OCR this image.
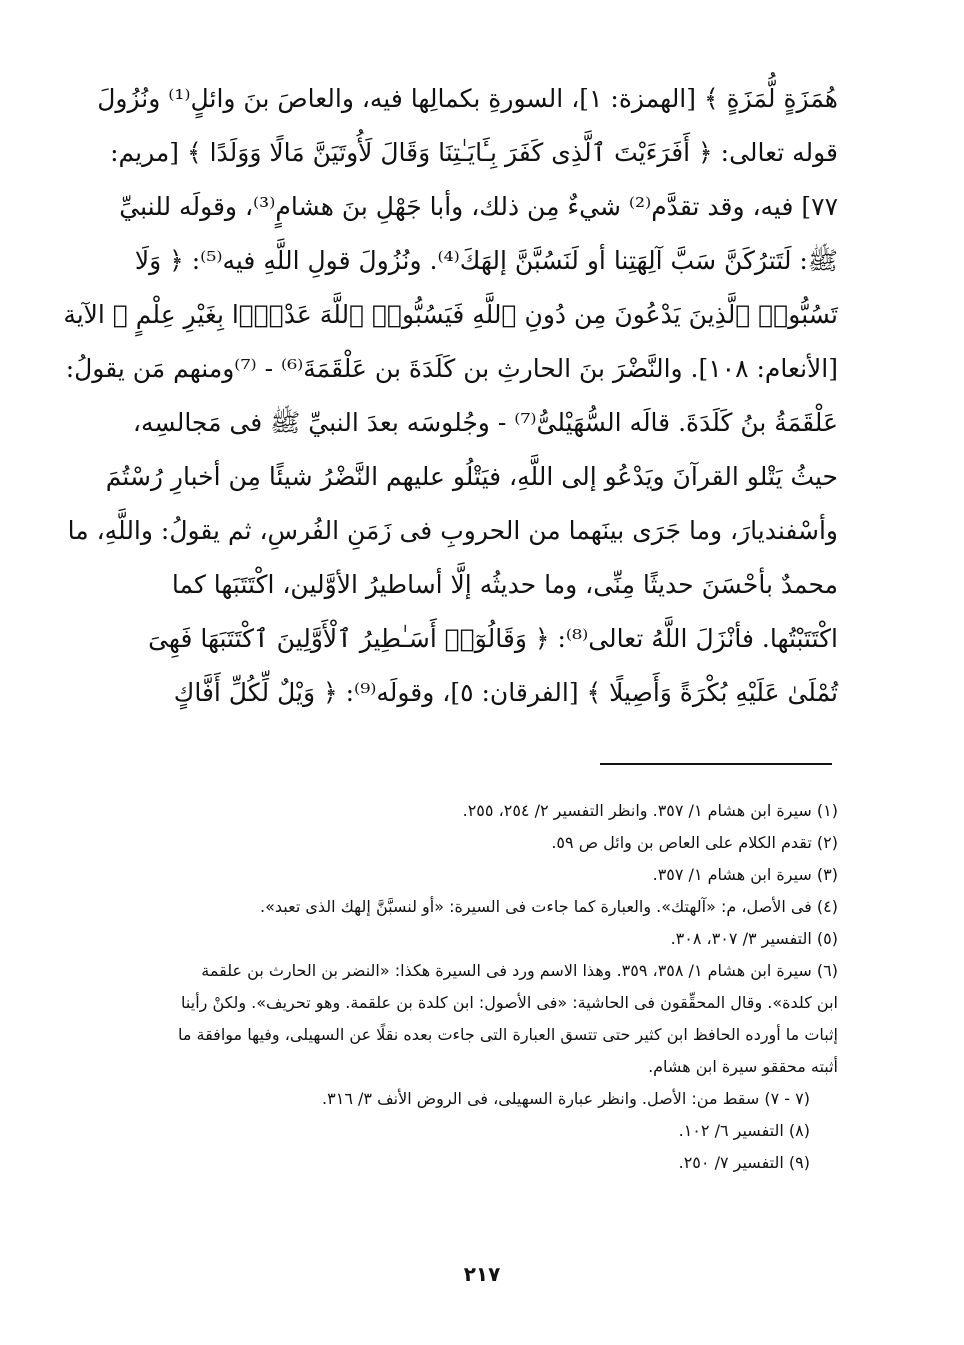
هُمَزَةٍ لُّمَزَةٍ ﴾ [الهمزة: ١]، السورةِ بكمالِها فيه، والعاصَ بنَ وائلٍ⁽¹⁾ ونُزُولَ
قوله تعالى: ﴿ أَفَرَءَيْتَ ٱلَّذِى كَفَرَ بِـَٔايَـٰتِنَا وَقَالَ لَأُوتَيَنَّ مَالًا وَوَلَدًا ﴾ [مريم:
٧٧] فيه، وقد تقدَّم⁽²⁾ شيءٌ مِن ذلك، وأبا جَهْلِ بنَ هشامٍ⁽³⁾، وقولَه للنبيِّ
ﷺ: لَتَترُكَنَّ سَبَّ آلِهَتِنا أو لَنَسُبَّنَّ إلهَكَ⁽⁴⁾. ونُزُولَ قولِ اللَّهِ فيه⁽⁵⁾: ﴿ وَلَا
تَسُبُّوا۟ ٱلَّذِينَ يَدْعُونَ مِن دُونِ ٱللَّهِ فَيَسُبُّوا۟ ٱللَّهَ عَدْوًۢا بِغَيْرِ عِلْمٍ ﴾ الآية
[الأنعام: ١٠٨]. والنَّضْرَ بنَ الحارثِ بن كَلَدَةَ بن عَلْقَمَةَ⁽⁶⁾ - ⁽⁷⁾ومنهم مَن يقولُ:
عَلْقَمَةُ بنُ كَلَدَةَ. قالَه السُّهَيْلىُّ⁽⁷⁾ - وجُلوسَه بعدَ النبيِّ ﷺ فى مَجالسِه،
حيثُ يَتْلو القرآنَ ويَدْعُو إلى اللَّهِ، فيَتْلُو عليهم النَّضْرُ شيئًا مِن أخبارِ رُسْتُمَ
وأسْفنديارَ، وما جَرَى بينَهما من الحروبِ فى زَمَنِ الفُرسِ، ثم يقولُ: واللَّهِ، ما
محمدٌ بأحْسَنَ حديثًا مِنِّى، وما حديثُه إلَّا أساطيرُ الأوَّلين، اكْتَتَبَها كما
اكْتَتَبْتُها. فأنْزَلَ اللَّهُ تعالى⁽⁸⁾: ﴿ وَقَالُوٓا۟ أَسَـٰطِيرُ ٱلْأَوَّلِينَ ٱكْتَتَبَهَا فَهِىَ
تُمْلَىٰ عَلَيْهِ بُكْرَةً وَأَصِيلًا ﴾ [الفرقان: ٥]، وقولَه⁽⁹⁾: ﴿ وَيْلٌ لِّكُلِّ أَفَّاكٍ
(١) سيرة ابن هشام ١/ ٣٥٧. وانظر التفسير ٢/ ٢٥٤، ٢٥٥.
(٢) تقدم الكلام على العاص بن وائل ص ٥٩.
(٣) سيرة ابن هشام ١/ ٣٥٧.
(٤) فى الأصل، م: «آلهتك». والعبارة كما جاءت فى السيرة: «أو لنسبَّنَّ إلهك الذى تعبد».
(٥) التفسير ٣/ ٣٠٧، ٣٠٨.
(٦) سيرة ابن هشام ١/ ٣٥٨، ٣٥٩. وهذا الاسم ورد فى السيرة هكذا: «النضر بن الحارث بن علقمة
ابن كلدة». وقال المحقِّقون فى الحاشية: «فى الأصول: ابن كلدة بن علقمة. وهو تحريف». ولكنْ رأينا
إثبات ما أورده الحافظ ابن كثير حتى تتسق العبارة التى جاءت بعده نقلًا عن السهيلى، وفيها موافقة ما
أثبته محققو سيرة ابن هشام.
(٧ - ٧) سقط من: الأصل. وانظر عبارة السهيلى، فى الروض الأنف ٣/ ٣١٦.
(٨) التفسير ٦/ ١٠٢.
(٩) التفسير ٧/ ٢٥٠.
٢١٧
